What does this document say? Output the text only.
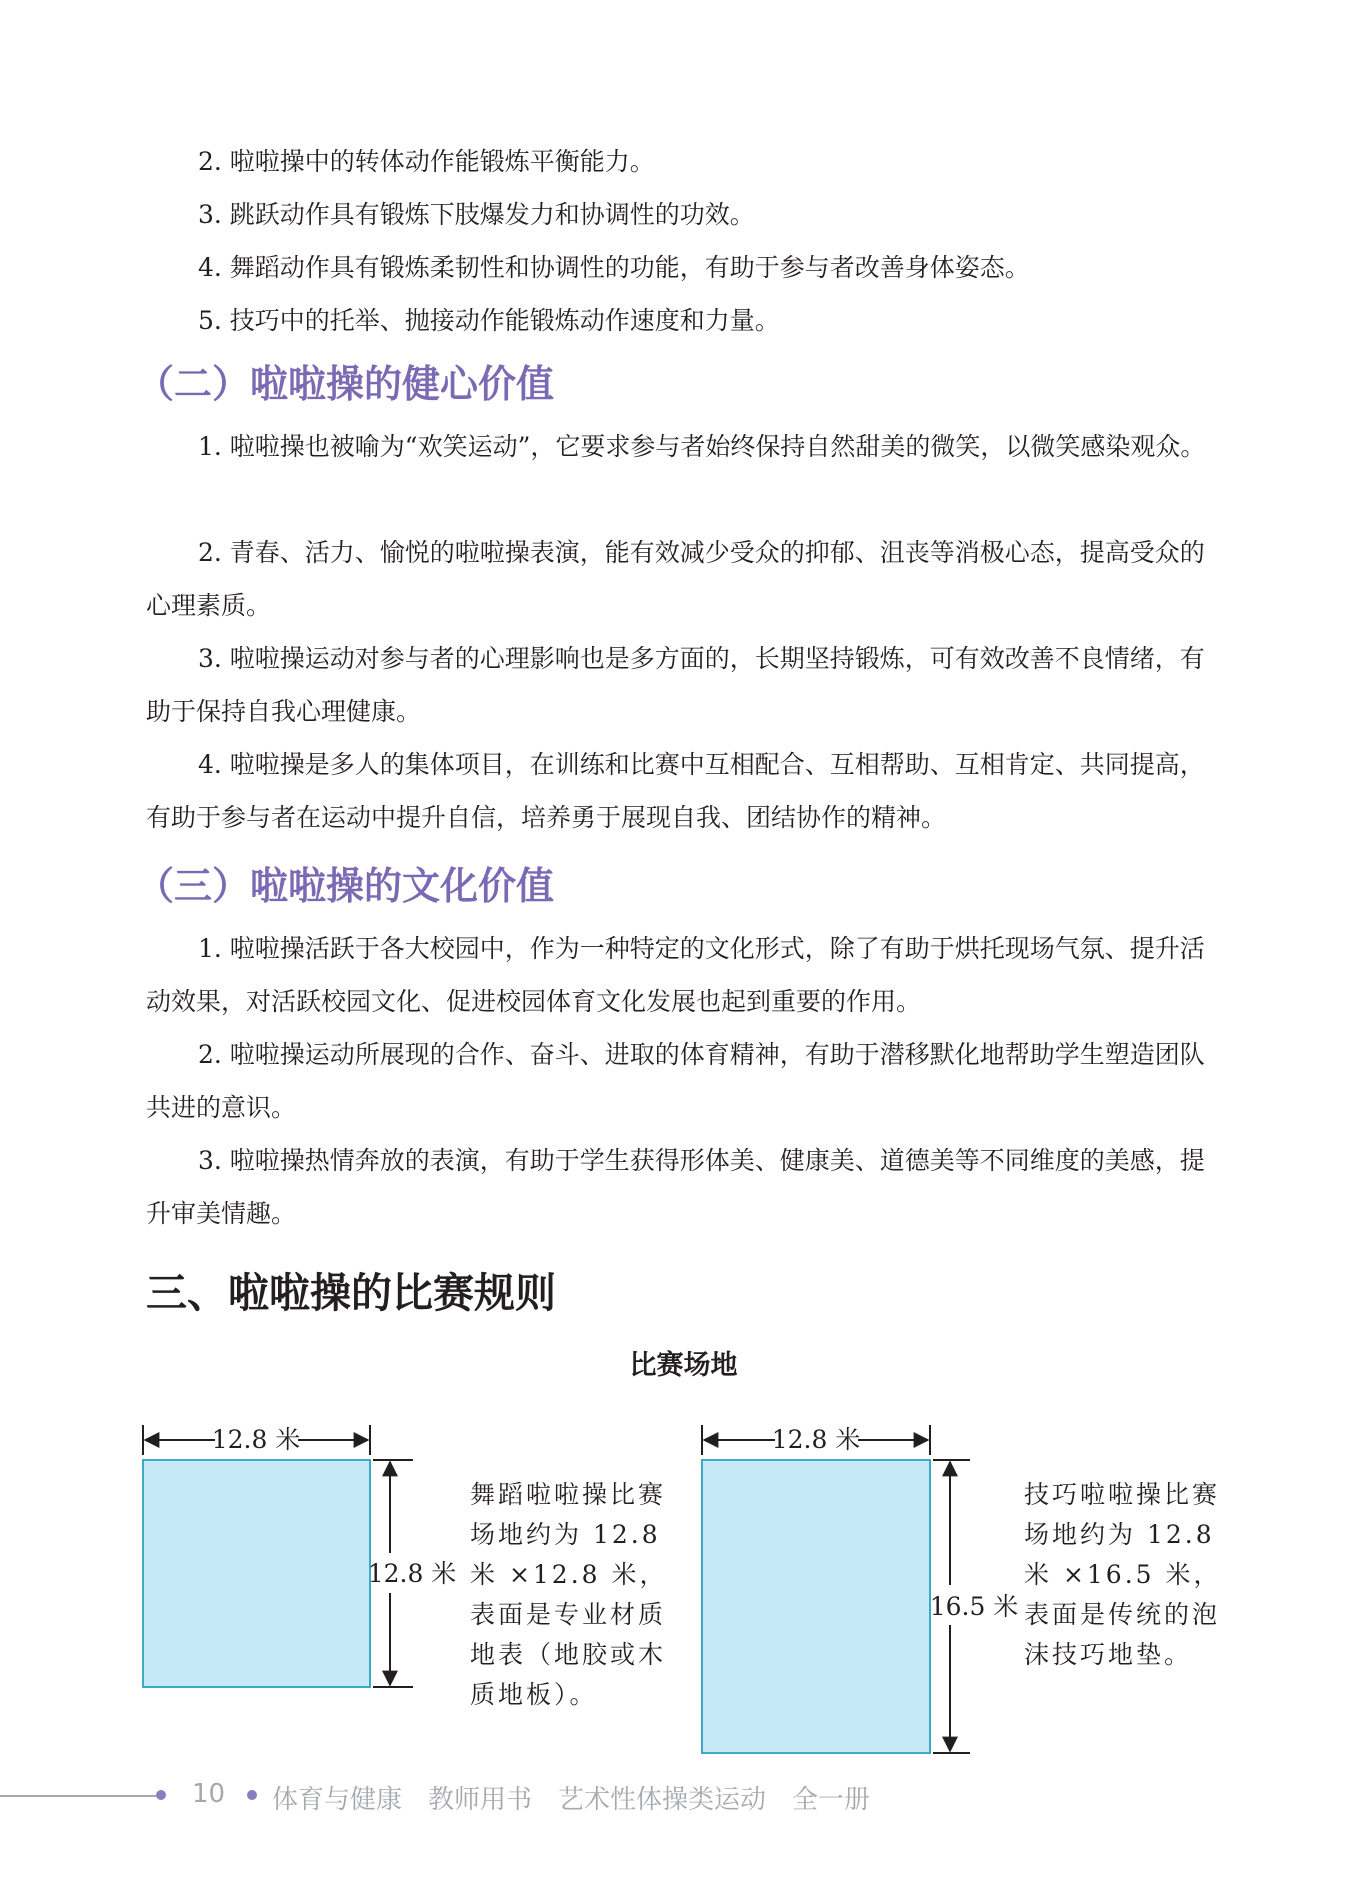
2. 啦啦操中的转体动作能锻炼平衡能力。
3. 跳跃动作具有锻炼下肢爆发力和协调性的功效。
4. 舞蹈动作具有锻炼柔韧性和协调性的功能，有助于参与者改善身体姿态。
5. 技巧中的托举、抛接动作能锻炼动作速度和力量。
（二）啦啦操的健心价值

1. 啦啦操也被喻为“欢笑运动”，它要求参与者始终保持自然甜美的微笑，以微笑感染观众。

2. 青春、活力、愉悦的啦啦操表演，能有效减少受众的抑郁、沮丧等消极心态，提高受众的心理素质。

3. 啦啦操运动对参与者的心理影响也是多方面的，长期坚持锻炼，可有效改善不良情绪，有助于保持自我心理健康。

4. 啦啦操是多人的集体项目，在训练和比赛中互相配合、互相帮助、互相肯定、共同提高，有助于参与者在运动中提升自信，培养勇于展现自我、团结协作的精神。

（三）啦啦操的文化价值

1. 啦啦操活跃于各大校园中，作为一种特定的文化形式，除了有助于烘托现场气氛、提升活动效果，对活跃校园文化、促进校园体育文化发展也起到重要的作用。

2. 啦啦操运动所展现的合作、奋斗、进取的体育精神，有助于潜移默化地帮助学生塑造团队共进的意识。

3. 啦啦操热情奔放的表演，有助于学生获得形体美、健康美、道德美等不同维度的美感，提升审美情趣。

三、啦啦操的比赛规则
比赛场地
12.8 米
12.8 米
12.8 米
16.5 米

舞蹈啦啦操比赛场地约为 12.8 米 ×12.8 米，表面是专业材质地表（地胶或木质地板）。

技巧啦啦操比赛场地约为 12.8 米 ×16.5 米，表面是传统的泡沫技巧地垫。

10 体育与健康　教师用书　艺术性体操类运动　全一册
